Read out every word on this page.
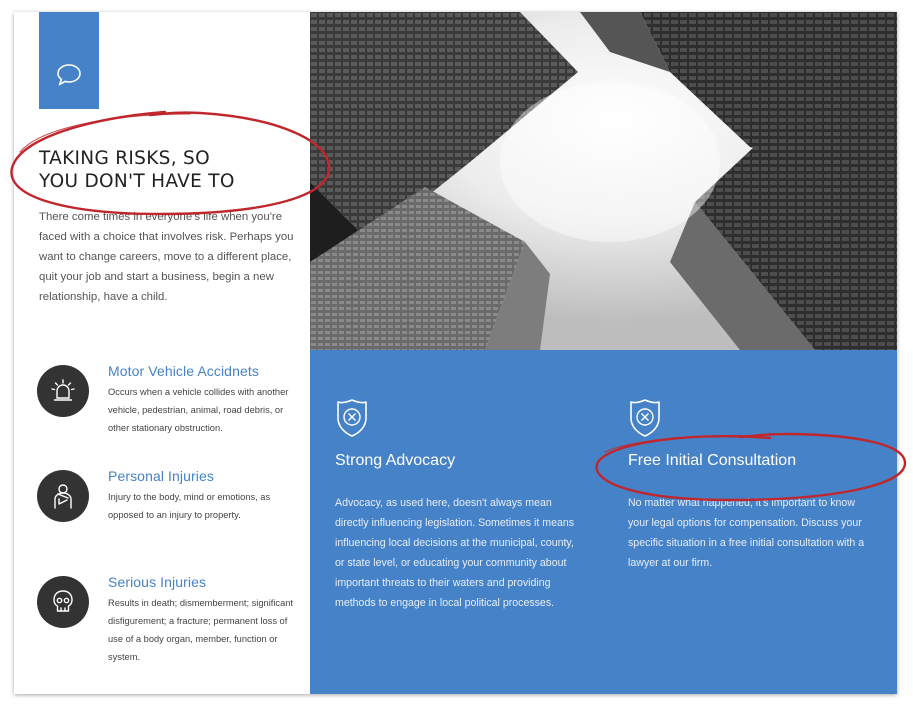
TAKING RISKS, SO
YOU DON'T HAVE TO

There come times in everyone's life when you're faced with a choice that involves risk. Perhaps you want to change careers, move to a different place, quit your job and start a business, begin a new relationship, have a child.

Motor Vehicle Accidnets

Occurs when a vehicle collides with another vehicle, pedestrian, animal, road debris, or other stationary obstruction.

Personal Injuries

Injury to the body, mind or emotions, as opposed to an injury to property.

Serious Injuries

Results in death; dismemberment; significant disfigurement; a fracture; permanent loss of use of a body organ, member, function or system.

Strong Advocacy

Advocacy, as used here, doesn't always mean directly influencing legislation. Sometimes it means influencing local decisions at the municipal, county, or state level, or educating your community about important threats to their waters and providing methods to engage in local political processes.

Free Initial Consultation

No matter what happened, it's important to know your legal options for compensation. Discuss your specific situation in a free initial consultation with a lawyer at our firm.
